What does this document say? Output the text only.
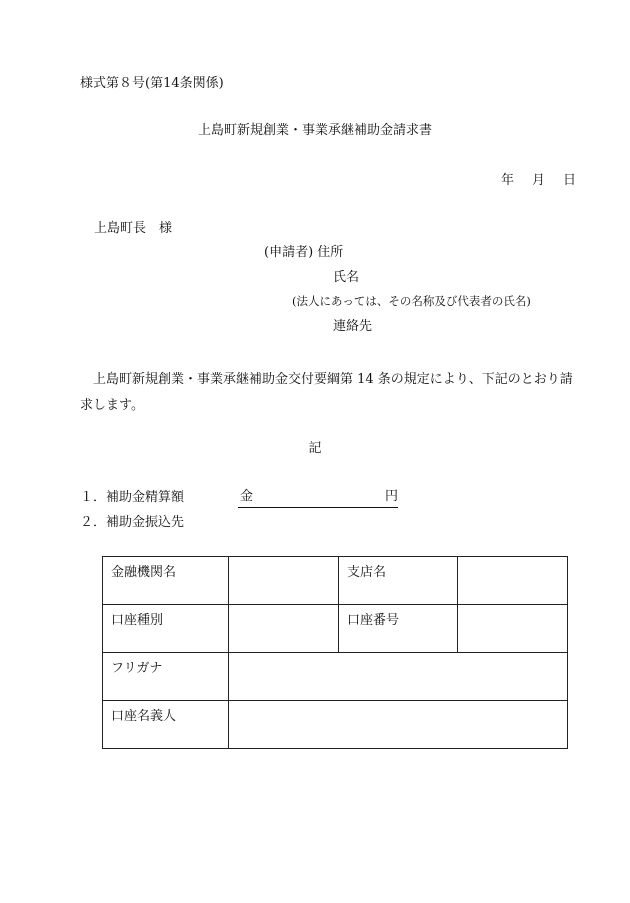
様式第８号(第14条関係)
上島町新規創業・事業承継補助金請求書
年 月 日
上島町長　様
(申請者) 住所
氏名
(法人にあっては、その名称及び代表者の氏名)
連絡先
上島町新規創業・事業承継補助金交付要綱第 14 条の規定により、下記のとおり請求します。
記
１．補助金精算額	金	円
２．補助金振込先
金融機関名		支店名	
口座種別		口座番号	
フリガナ			
口座名義人			
